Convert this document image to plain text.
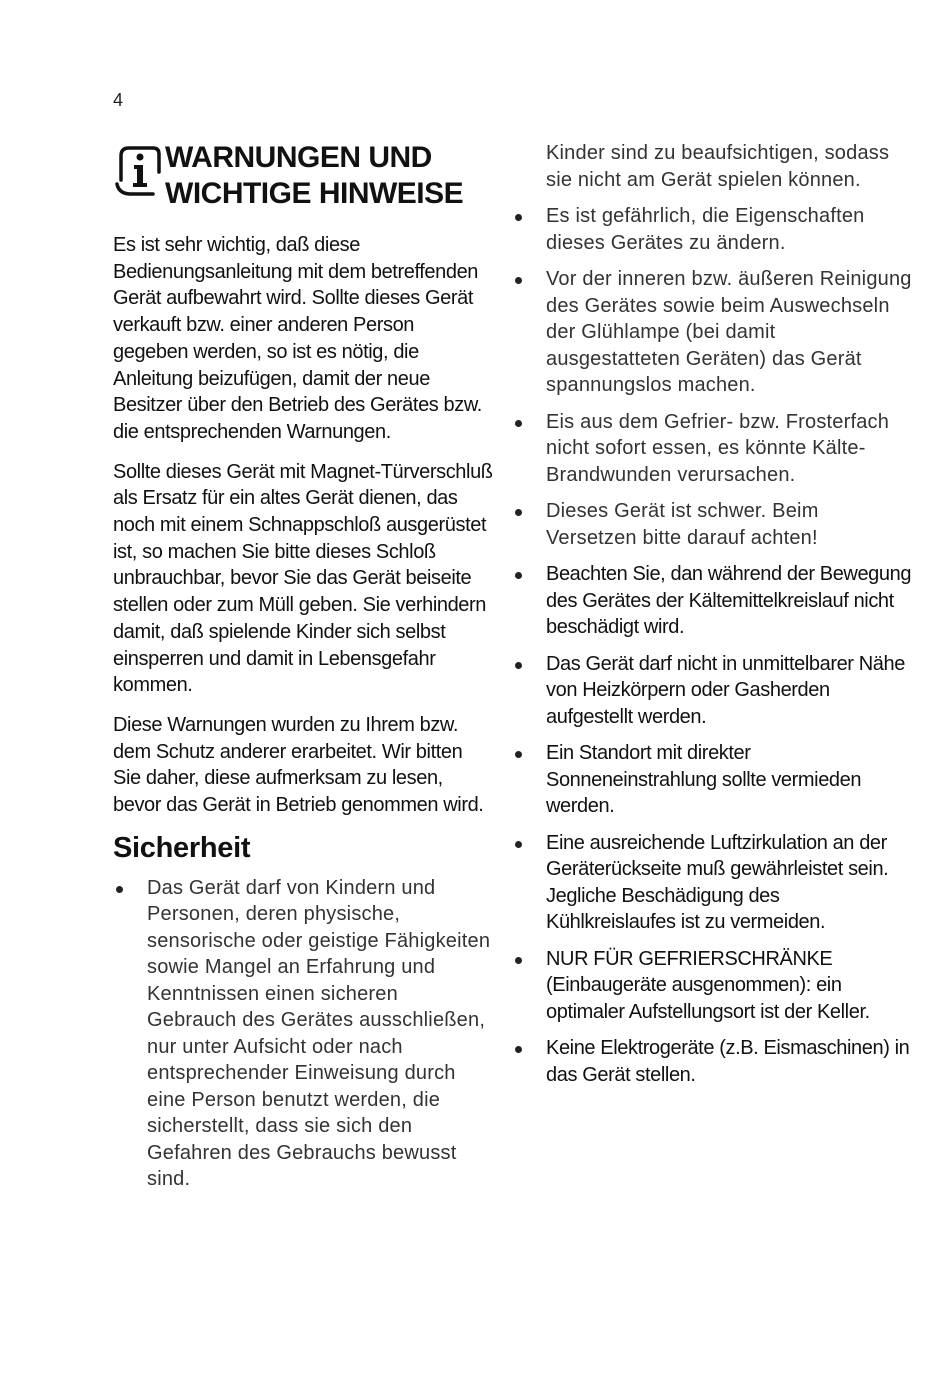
4
WARNUNGEN UND
WICHTIGE HINWEISE

Es ist sehr wichtig, daß diese Bedienungsanleitung mit dem betreffenden Gerät aufbewahrt wird. Sollte dieses Gerät verkauft bzw. einer anderen Person gegeben werden, so ist es nötig, die Anleitung beizufügen, damit der neue Besitzer über den Betrieb des Gerätes bzw. die entsprechenden Warnungen.

Sollte dieses Gerät mit Magnet-Türverschluß als Ersatz für ein altes Gerät dienen, das noch mit einem Schnappschloß ausgerüstet ist, so machen Sie bitte dieses Schloß unbrauchbar, bevor Sie das Gerät beiseite stellen oder zum Müll geben. Sie verhindern damit, daß spielende Kinder sich selbst einsperren und damit in Lebensgefahr kommen.

Diese Warnungen wurden zu Ihrem bzw. dem Schutz anderer erarbeitet. Wir bitten Sie daher, diese aufmerksam zu lesen, bevor das Gerät in Betrieb genommen wird.

Sicherheit
Das Gerät darf von Kindern und Personen, deren physische, sensorische oder geistige Fähigkeiten sowie Mangel an Erfahrung und Kenntnissen einen sicheren Gebrauch des Gerätes ausschließen, nur unter Aufsicht oder nach entsprechender Einweisung durch eine Person benutzt werden, die sicherstellt, dass sie sich den Gefahren des Gebrauchs bewusst sind.

Kinder sind zu beaufsichtigen, sodass sie nicht am Gerät spielen können.

Es ist gefährlich, die Eigenschaften dieses Gerätes zu ändern.
Vor der inneren bzw. äußeren Reinigung des Gerätes sowie beim Auswechseln der Glühlampe (bei damit ausgestatteten Geräten) das Gerät spannungslos machen.
Eis aus dem Gefrier- bzw. Frosterfach nicht sofort essen, es könnte Kälte-Brandwunden verursachen.
Dieses Gerät ist schwer. Beim Versetzen bitte darauf achten!
Beachten Sie, dan während der Bewegung des Gerätes der Kältemittelkreislauf nicht beschädigt wird.
Das Gerät darf nicht in unmittelbarer Nähe von Heizkörpern oder Gasherden aufgestellt werden.
Ein Standort mit direkter Sonneneinstrahlung sollte vermieden werden.
Eine ausreichende Luftzirkulation an der Geräterückseite muß gewährleistet sein. Jegliche Beschädigung des Kühlkreislaufes ist zu vermeiden.
NUR FÜR GEFRIERSCHRÄNKE (Einbaugeräte ausgenommen): ein optimaler Aufstellungsort ist der Keller.
Keine Elektrogeräte (z.B. Eismaschinen) in das Gerät stellen.
